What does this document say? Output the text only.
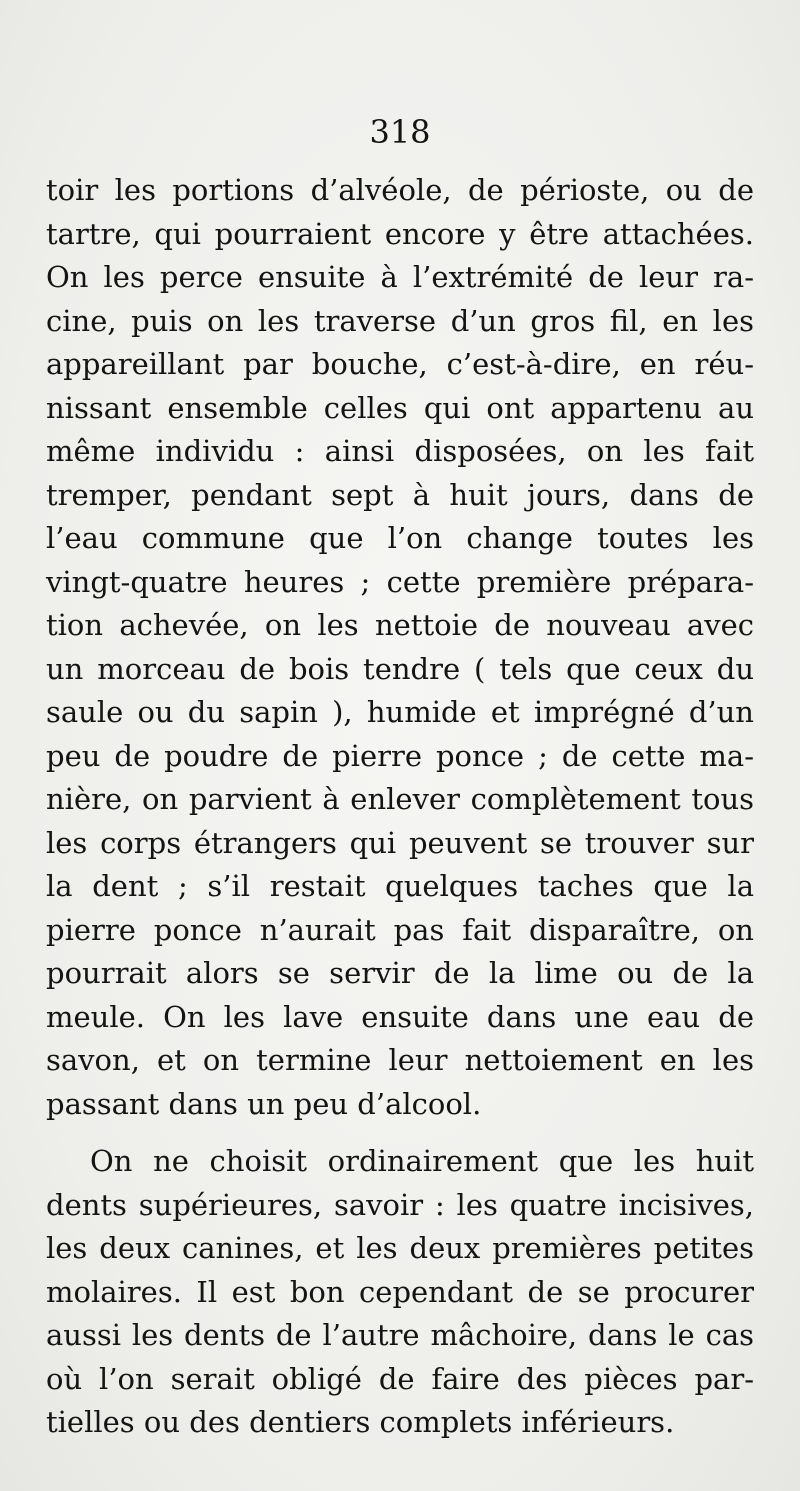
318
toir les portions d’alvéole, de périoste, ou de
tartre, qui pourraient encore y être attachées.
On les perce ensuite à l’extrémité de leur ra-
cine, puis on les traverse d’un gros fil, en les
appareillant par bouche, c’est-à-dire, en réu-
nissant ensemble celles qui ont appartenu au
même individu : ainsi disposées, on les fait
tremper, pendant sept à huit jours, dans de
l’eau commune que l’on change toutes les
vingt-quatre heures ; cette première prépara-
tion achevée, on les nettoie de nouveau avec
un morceau de bois tendre ( tels que ceux du
saule ou du sapin ), humide et imprégné d’un
peu de poudre de pierre ponce ; de cette ma-
nière, on parvient à enlever complètement tous
les corps étrangers qui peuvent se trouver sur
la dent ; s’il restait quelques taches que la
pierre ponce n’aurait pas fait disparaître, on
pourrait alors se servir de la lime ou de la
meule. On les lave ensuite dans une eau de
savon, et on termine leur nettoiement en les
passant dans un peu d’alcool.
On ne choisit ordinairement que les huit
dents supérieures, savoir : les quatre incisives,
les deux canines, et les deux premières petites
molaires. Il est bon cependant de se procurer
aussi les dents de l’autre mâchoire, dans le cas
où l’on serait obligé de faire des pièces par-
tielles ou des dentiers complets inférieurs.
